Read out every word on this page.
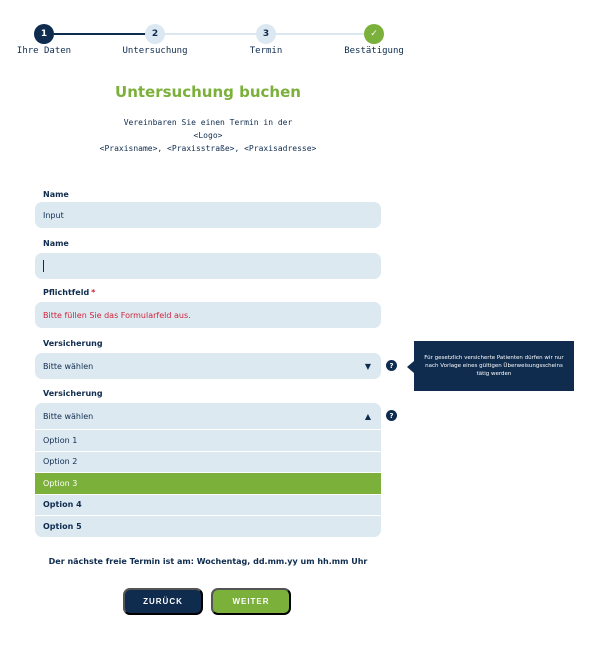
1	2	3	✓
Ihre Daten	Untersuchung	Termin	Bestätigung
Untersuchung buchen
Vereinbaren Sie einen Termin in der
<Logo>
<Praxisname>, <Praxisstraße>, <Praxisadresse>
Name
Input
Name
Pflichtfeld *
Bitte füllen Sie das Formularfeld aus.
Versicherung
Bitte wählen	▼	?
Für gesetzlich versicherte Patienten dürfen wir nur nach Vorlage eines gültigen Überweisungsscheins tätig werden
Versicherung
Bitte wählen	▲
Option 1
Option 2
Option 3
Option 4
Option 5
?
Der nächste freie Termin ist am: Wochentag, dd.mm.yy um hh.mm Uhr
ZURÜCK	WEITER
